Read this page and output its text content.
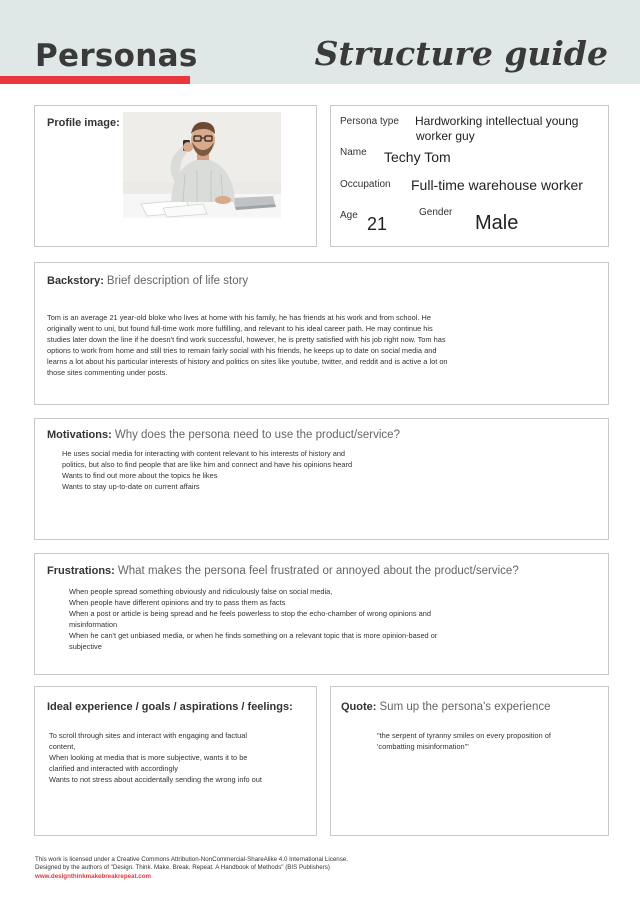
Personas	Structure guide
Profile image:	Persona type Hardworking intellectual young
worker guy
Name Techy Tom
Occupation Full-time warehouse worker
Age 21
Gender Male
Backstory: Brief description of life story
Tom is an average 21 year-old bloke who lives at home with his family, he has friends at his work and from school. He
originally went to uni, but found full-time work more fulfilling, and relevant to his ideal career path. He may continue his
studies later down the line if he doesn't find work successful, however, he is pretty satisfied with his job right now. Tom has
options to work from home and still tries to remain fairly social with his friends, he keeps up to date on social media and
learns a lot about his particular interests of history and politics on sites like youtube, twitter, and reddit and is active a lot on
those sites commenting under posts.
Motivations: Why does the persona need to use the product/service?
He uses social media for interacting with content relevant to his interests of history and
politics, but also to find people that are like him and connect and have his opinions heard
Wants to find out more about the topics he likes
Wants to stay up-to-date on current affairs
Frustrations: What makes the persona feel frustrated or annoyed about the product/service?
When people spread something obviously and ridiculously false on social media,
When people have different opinions and try to pass them as facts
When a post or article is being spread and he feels powerless to stop the echo-chamber of wrong opinions and
misinformation
When he can't get unbiased media, or when he finds something on a relevant topic that is more opinion-based or
subjective
Ideal experience / goals / aspirations / feelings:
To scroll through sites and interact with engaging and factual
content,
When looking at media that is more subjective, wants it to be
clarified and interacted with accordingly
Wants to not stress about accidentally sending the wrong info out
Quote: Sum up the persona's experience
"the serpent of tyranny smiles on every proposition of
'combatting misinformation'"
This work is licensed under a Creative Commons Attribution-NonCommercial-ShareAlike 4.0 International License.
Designed by the authors of "Design. Think. Make. Break. Repeat. A Handbook of Methods" (BIS Publishers)
www.designthinkmakebreakrepeat.com
